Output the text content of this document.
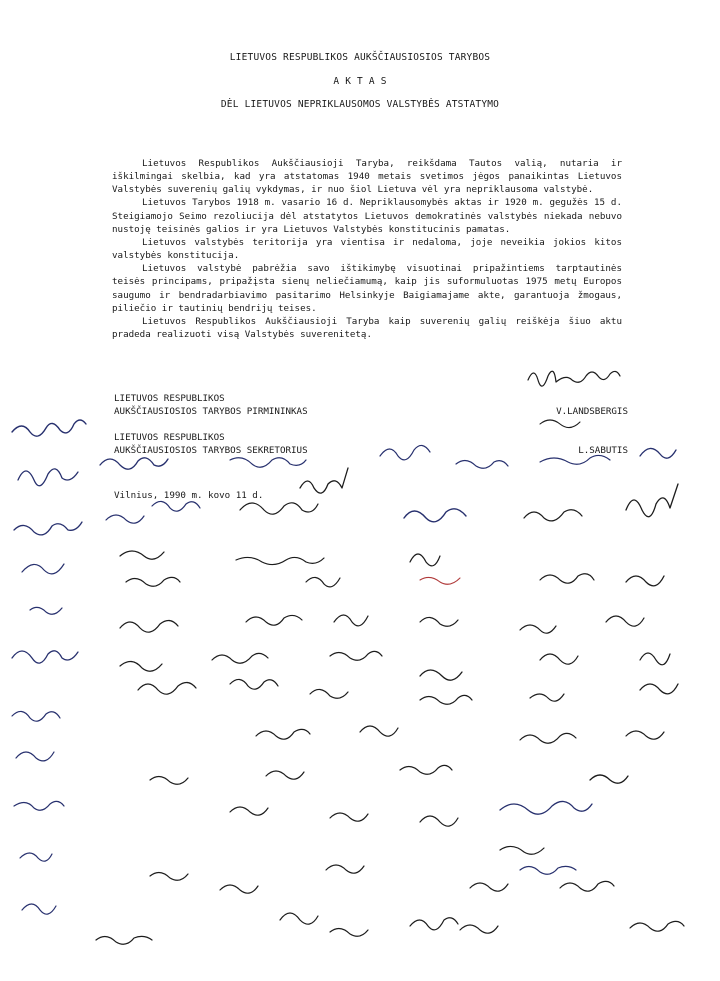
LIETUVOS RESPUBLIKOS AUKŠČIAUSIOSIOS TARYBOS
A K T A S
DĖL LIETUVOS NEPRIKLAUSOMOS VALSTYBĖS ATSTATYMO

Lietuvos Respublikos Aukščiausioji Taryba, reikšdama Tautos valią, nutaria ir iškilmingai skelbia, kad yra atstatomas 1940 metais svetimos jėgos panaikintas Lietuvos Valstybės suverenių galių vykdymas, ir nuo šiol Lietuva vėl yra nepriklausoma valstybė.

Lietuvos Tarybos 1918 m. vasario 16 d. Nepriklausomybės aktas ir 1920 m. gegužės 15 d. Steigiamojo Seimo rezoliucija dėl atstatytos Lietuvos demokratinės valstybės niekada nebuvo nustoję teisinės galios ir yra Lietuvos Valstybės konstitucinis pamatas.

Lietuvos valstybės teritorija yra vientisa ir nedaloma, joje neveikia jokios kitos valstybės konstitucija.

Lietuvos valstybė pabrėžia savo ištikimybę visuotinai pripažintiems tarptautinės teisės principams, pripažįsta sienų neliečiamumą, kaip jis suformuluotas 1975 metų Europos saugumo ir bendradarbiavimo pasitarimo Helsinkyje Baigiamajame akte, garantuoja žmogaus, piliečio ir tautinių bendrijų teises.

Lietuvos Respublikos Aukščiausioji Taryba kaip suverenių galių reiškėja šiuo aktu pradeda realizuoti visą Valstybės suverenitetą.

LIETUVOS RESPUBLIKOS
AUKŠČIAUSIOSIOS TARYBOS PIRMININKAS	V.LANDSBERGIS
LIETUVOS RESPUBLIKOS
AUKŠČIAUSIOSIOS TARYBOS SEKRETORIUS	L.SABUTIS
Vilnius, 1990 m. kovo 11 d.
